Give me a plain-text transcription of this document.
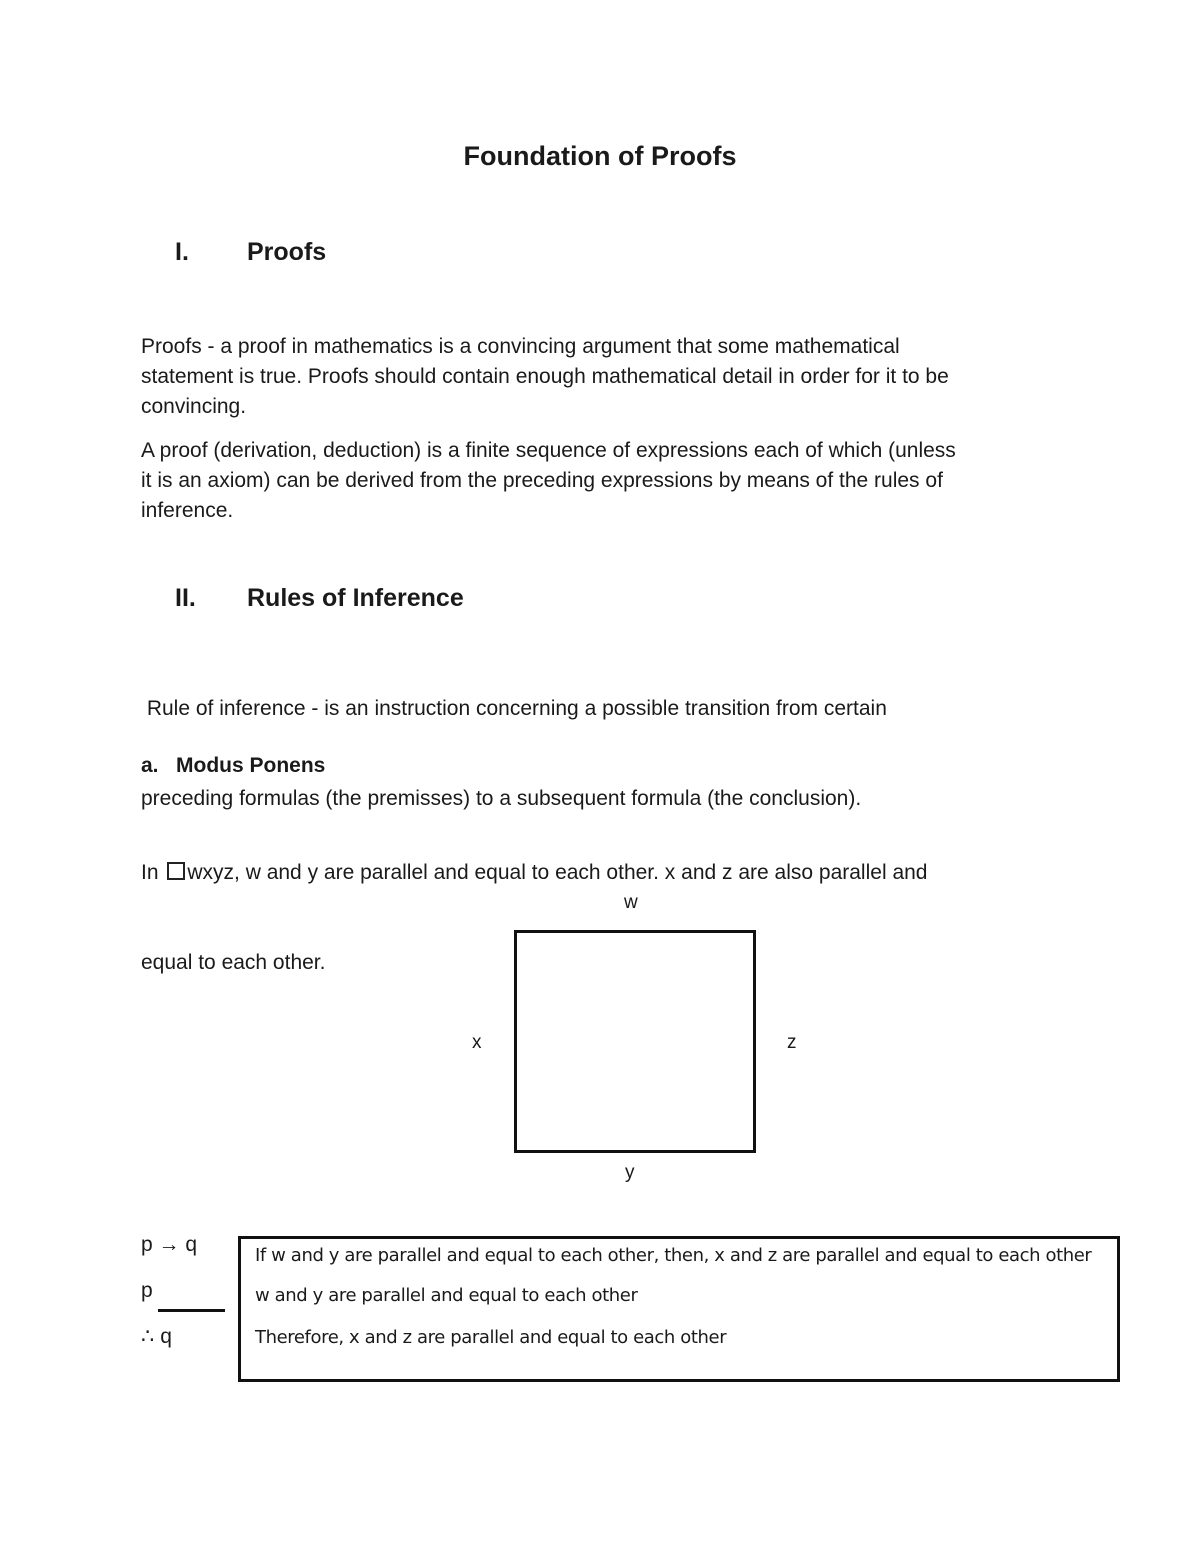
Foundation of Proofs
I. Proofs
Proofs - a proof in mathematics is a convincing argument that some mathematical
statement is true. Proofs should contain enough mathematical detail in order for it to be
convincing.
A proof (derivation, deduction) is a finite sequence of expressions each of which (unless
it is an axiom) can be derived from the preceding expressions by means of the rules of
inference.
II. Rules of Inference

Rule of inference - is an instruction concerning a possible transition from certain

preceding formulas (the premisses) to a subsequent formula (the conclusion).

a. Modus Ponens

In wxyz, w and y are parallel and equal to each other. x and z are also parallel and

equal to each other.

w
x	z
y
p → q
p
∴ q
If w and y are parallel and equal to each other, then, x and z are parallel and equal to each other
w and y are parallel and equal to each other
Therefore, x and z are parallel and equal to each other
